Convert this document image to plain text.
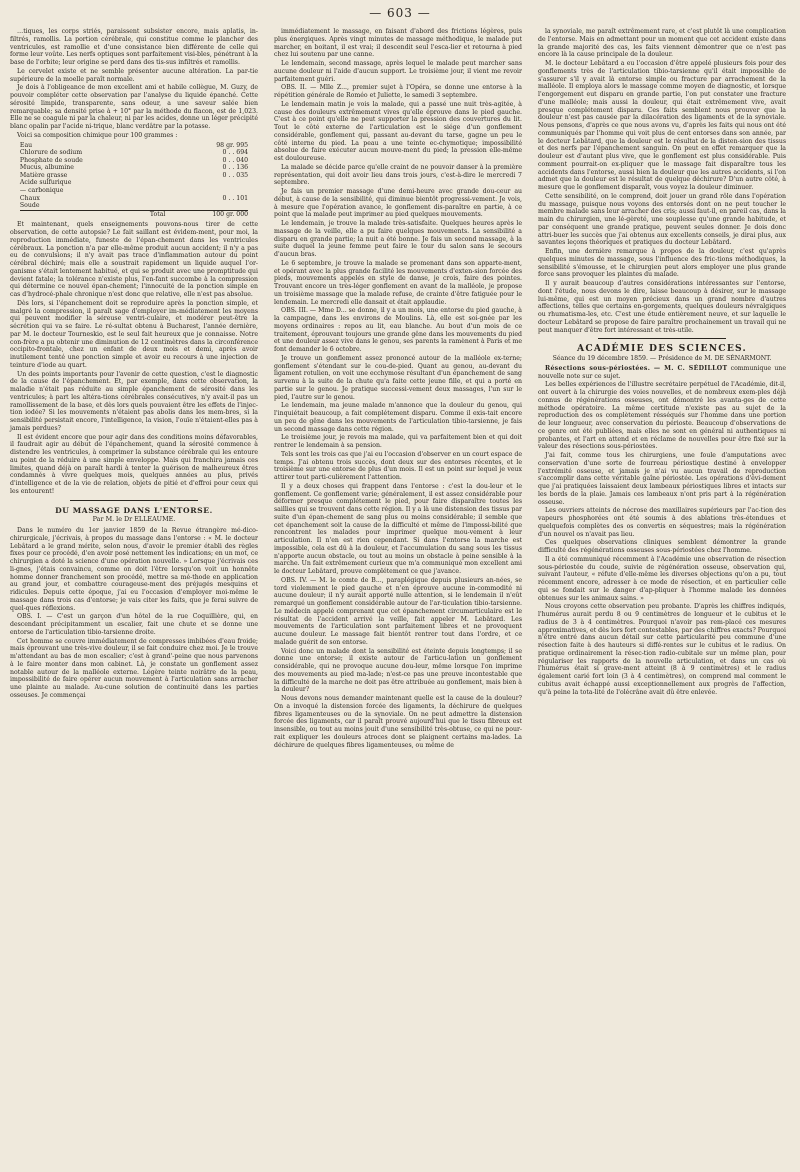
— 603 —

…tiques, les corps striés, paraissent subsister encore, mais aplatis, in-filtrés, ramollis. La portion cérébrale, qui constitue comme le plancher des ventricules, est ramollie et d'une consistance bien différente de celle qui forme leur voûte. Les nerfs optiques sont parfaitement visi-bles, pénétrant à la base de l'orbite; leur origine se perd dans des tis-sus infiltrés et ramollis.

Le cervelet existe et ne semble présenter aucune altération. La par-tie supérieure de la moelle paraît normale.

Je dois à l'obligeance de mon excellent ami et habile collègue, M. Guzy, de pouvoir compléter cette observation par l'analyse du liquide épanché. Cette sérosité limpide, transparente, sans odeur, a une saveur salée bien remarquable; sa densité prise à + 10° par la méthode du flacon, est de 1,023. Elle ne se coagule ni par la chaleur, ni par les acides, donne un léger précipité blanc opalin par l'acide ni-trique, blanc verdâtre par la potasse.

Voici sa composition chimique pour 100 grammes :

Eau	98 gr. 995
Chlorure de sodium	0 . . 694
Phosphate de soude	0 . . 040
Mucus, albumine	0 . . 136
Matière grasse	0 . . 035
Acide sulfurique	
— carbonique	
Chaux	0 . . 101
Soude	
Total	100 gr. 000

Et maintenant, quels enseignements pouvons-nous tirer de cette observation, de cette autopsie? Le fait saillant est évidem-ment, pour moi, la reproduction immédiate, funeste de l'épan-chement dans les ventricules cérébraux. La ponction n'a par elle-même produit aucun accident; il n'y a pas eu de convulsions; il n'y avait pas trace d'inflammation autour du point cérébral déchiré; mais elle a soustrait rapidement un liquide auquel l'or-ganisme s'était lentement habitué, et qui se produit avec une promptitude qui devient fatale; la tolérance n'existe plus, l'en-fant succombe à la compression qui détermine ce nouvel épan-chement; l'innocuité de la ponction simple en cas d'hydrocé-phale chronique n'est donc que relative, elle n'est pas absolue.

Dès lors, si l'épanchement doit se reproduire après la ponction simple, et malgré la compression, il paraît sage d'employer im-médiatement les moyens qui peuvent modifier la séreuse ventri-culaire, et modérer peut-être la sécrétion qui va se faire. Le ré-sultat obtenu à Bucharest, l'année dernière, par M. le docteur Tourneskio, est le seul fait heureux que je connaisse. Notre con-frère a pu obtenir une diminution de 12 centimètres dans la circonférence occipito-frontale, chez un enfant de deux mois et demi, après avoir inutilement tenté une ponction simple et avoir eu recours à une injection de teinture d'iode au quart.

Un des points importants pour l'avenir de cette question, c'est le diagnostic de la cause de l'épanchement. Et, par exemple, dans cette observation, la maladie n'était pas réduite au simple épanchement de sérosité dans les ventricules; à part les altéra-tions cérébrales consécutives, n'y avait-il pas un ramollissement de la base, et dès lors quels pouvaient être les effets de l'injec-tion iodée? Si les mouvements n'étaient pas abolis dans les mem-bres, si la sensibilité persistait encore, l'intelligence, la vision, l'ouïe n'étaient-elles pas à jamais perdues?

Il est évident encore que pour agir dans des conditions moins défavorables, il faudrait agir au début de l'épanchement, quand la sérosité commence à distendre les ventricules, à comprimer la substance cérébrale qui les entoure au point de la réduire à une simple enveloppe. Mais qui franchira jamais ces limites, quand déjà on paraît hardi à tenter la guérison de malheureux êtres condamnés à vivre quelques mois, quelques années au plus, privés d'intelligence et de la vie de relation, objets de pitié et d'effroi pour ceux qui les entourent!

DU MASSAGE DANS L'ENTORSE.
Par M. le Dr ELLEAUME.

Dans le numéro du 1er janvier 1859 de la Revue étrangère mé-dico-chirurgicale, j'écrivais, à propos du massage dans l'entorse : « M. le docteur Lebâtard a le grand mérite, selon nous, d'avoir le premier établi des règles fixes pour ce procédé, d'en avoir posé nettement les indications; en un mot, ce chirurgien a doté la science d'une opération nouvelle. » Lorsque j'écrivais ces li-gnes, j'étais convaincu, comme on doit l'être lorsqu'on voit un honnête homme donner franchement son procédé, mettre sa mé-thode en application au grand jour, et combattre courageuse-ment des préjugés mesquins et ridicules. Depuis cette époque, j'ai eu l'occasion d'employer moi-même le massage dans trois cas d'entorse; je vais citer les faits, que je ferai suivre de quel-ques réflexions.

OBS. I. — C'est un garçon d'un hôtel de la rue Coquillière, qui, en descendant précipitamment un escalier, fait une chute et se donne une entorse de l'articulation tibio-tarsienne droite.

Cet homme se couvre immédiatement de compresses imbibées d'eau froide; mais éprouvant une très-vive douleur, il se fait conduire chez moi. Je le trouve m'attendant au bas de mon escalier; c'est à grand'-peine que nous parvenons à le faire monter dans mon cabinet. Là, je constate un gonflement assez notable autour de la malléole externe. Légère teinte noirâtre de la peau, impossibilité de faire opérer aucun mouvement à l'articulation sans arracher une plainte au malade. Au-cune solution de continuité dans les parties osseuses. Je commençai

immédiatement le massage, en faisant d'abord des frictions légères, puis plus énergiques. Après vingt minutes de massage méthodique, le malade put marcher, en boitant, il est vrai; il descendit seul l'esca-lier et retourna à pied chez lui soutenu par une canne.

Le lendemain, second massage, après lequel le malade peut marcher sans aucune douleur ni l'aide d'aucun support. Le troisième jour, il vient me revoir parfaitement guéri.

OBS. II. — Mlle Z..., premier sujet à l'Opéra, se donne une entorse à la répétition générale de Roméo et Juliette, le samedi 3 septembre.

Le lendemain matin je vois la malade, qui a passé une nuit très-agitée, à cause des douleurs extrêmement vives qu'elle éprouve dans le pied gauche. C'est à ce point qu'elle ne peut supporter la pression des couvertures du lit. Tout le côté externe de l'articulation est le siége d'un gonflement considérable, gonflement qui, passant au-devant du tarse, gagne un peu le côté interne du pied. La peau a une teinte ec-chymotique; impossibilité absolue de faire exécuter aucun mouve-ment du pied; la pression elle-même est douloureuse.

La malade se décide parce qu'elle craint de ne pouvoir danser à la première représentation, qui doit avoir lieu dans trois jours, c'est-à-dire le mercredi 7 septembre.

Je fais un premier massage d'une demi-heure avec grande dou-ceur au début, à cause de la sensibilité, qui diminue bientôt progressi-vement. Je vois, à mesure que l'opération avance, le gonflement dis-paraître en partie, à ce point que la malade peut imprimer au pied quelques mouvements.

Le lendemain, je trouve la malade très-satisfaite. Quelques heures après le massage de la veille, elle a pu faire quelques mouvements. La sensibilité a disparu en grande partie; la nuit a été bonne. Je fais un second massage, à la suite duquel la jeune femme peut faire le tour du salon sans le secours d'aucun bras.

Le 6 septembre, je trouve la malade se promenant dans son apparte-ment, et opérant avec la plus grande facilité les mouvements d'exten-sion forcée des pieds, mouvements appelés en style de danse, je crois, faire des pointes. Trouvant encore un très-léger gonflement en avant de la malléole, je propose un troisième massage que la malade refuse, de crainte d'être fatiguée pour le lendemain. Le mercredi elle dansait et était applaudie.

OBS. III. — Mme D... se donne, il y a un mois, une entorse du pied gauche, à la campagne, dans les environs de Moulins. Là, elle est soi-gnée par les moyens ordinaires : repos au lit, eau blanche. Au bout d'un mois de ce traitement, éprouvant toujours une grande gêne dans les mouvements du pied et une douleur assez vive dans le genou, ses parents la ramènent à Paris et me font demander le 6 octobre.

Je trouve un gonflement assez prononcé autour de la malléole ex-terne; gonflement s'étendant sur le cou-de-pied. Quant au genou, au-devant du ligament rotulien, on voit une ecchymose résultant d'un épanchement de sang survenu à la suite de la chute qu'a faite cette jeune fille, et qui a porté en partie sur le genou. Je pratique successi-vement deux massages, l'un sur le pied, l'autre sur le genou.

Le lendemain, ma jeune malade m'annonce que la douleur du genou, qui l'inquiétait beaucoup, a fait complétement disparu. Comme il exis-tait encore un peu de gêne dans les mouvements de l'articulation tibio-tarsienne, je fais un second massage dans cette région.

Le troisième jour, je revois ma malade, qui va parfaitement bien et qui doit rentrer le lendemain à sa pension.

Tels sont les trois cas que j'ai eu l'occasion d'observer en un court espace de temps. J'ai obtenu trois succès, dont deux sur des entorses récentes, et le troisième sur une entorse de plus d'un mois. Il est un point sur lequel je veux attirer tout parti-culièrement l'attention.

Il y a deux choses qui frappent dans l'entorse : c'est la dou-leur et le gonflement. Ce gonflement varie; généralement, il est assez considérable pour déformer presque complétement le pied, pour faire disparaître toutes les saillies qui se trouvent dans cette région. Il y a là une distension des tissus par suite d'un épan-chement de sang plus ou moins considérable; il semble que cet épanchement soit la cause de la difficulté et même de l'impossi-bilité que rencontrent les malades pour imprimer quelque mou-vement à leur articulation. Il n'en est rien cependant. Si dans l'entorse la marche est impossible, cela est dû à la douleur, et l'accumulation du sang sous les tissus n'apporte aucun obstacle, ou tout au moins un obstacle à peine sensible à la marche. Un fait extrêmement curieux que m'a communiqué mon excellent ami le docteur Lebâtard, prouve complétement ce que j'avance.

OBS. IV. — M. le comte de B..., paraplégique depuis plusieurs an-nées, se tord violemment le pied gauche et n'en éprouve aucune in-commodité ni aucune douleur; il n'y aurait apporté nulle attention, si le lendemain il n'eût remarqué un gonflement considérable autour de l'ar-ticulation tibio-tarsienne. Le médecin appelé comprenant que cet épanchement circumarticulaire est le résultat de l'accident arrivé la veille, fait appeler M. Lebâtard. Les mouvements de l'articulation sont parfaitement libres et ne provoquent aucune douleur. Le massage fait bientôt rentrer tout dans l'ordre, et ce malade guérit de son entorse.

Voici donc un malade dont la sensibilité est éteinte depuis longtemps; il se donne une entorse; il existe autour de l'articu-lation un gonflement considérable, qui ne provoque aucune dou-leur, même lorsque l'on imprime des mouvements au pied ma-lade; n'est-ce pas une preuve incontestable que la difficulté de la marche ne doit pas être attribuée au gonflement, mais bien à la douleur?

Nous devons nous demander maintenant quelle est la cause de la douleur? On a invoqué la distension forcée des ligaments, la déchirure de quelques fibres ligamenteuses ou de la synoviale. On ne peut admettre la distension forcée des ligaments, car il paraît prouvé aujourd'hui que le tissu fibreux est insensible, ou tout au moins jouit d'une sensibilité très-obtuse, ce qui ne pour-rait expliquer les douleurs atroces dont se plaignent certains ma-lades. La déchirure de quelques fibres ligamenteuses, ou même de

la synoviale, me paraît extrêmement rare, et c'est plutôt là une complication de l'entorse. Mais en admettant pour un moment que cet accident existe dans la grande majorité des cas, les faits viennent démontrer que ce n'est pas encore là la cause principale de la douleur.

M. le docteur Lebâtard a eu l'occasion d'être appelé plusieurs fois pour des gonflements très de l'articulation tibio-tarsienne qu'il était impossible de s'assurer s'il y avait là entorse simple ou fracture par arrachement de la malléole. Il employa alors le massage comme moyen de diagnostic, et lorsque l'engorgement eut disparu en grande partie, l'on put constater une fracture d'une malléole; mais aussi la douleur, qui était extrêmement vive, avait presque complétement disparu. Ces faits semblent nous prouver que la douleur n'est pas causée par la dilacération des ligaments et de la synoviale. Nous pensons, d'après ce que nous avons vu, d'après les faits qui nous ont été communiqués par l'homme qui voit plus de cent entorses dans son année, par le docteur Lebâtard, que la douleur est le résultat de la disten-sion des tissus et des nerfs par l'épanchement sanguin. On peut en effet remarquer que la douleur est d'autant plus vive, que le gonflement est plus considérable. Puis comment pourrait-on ex-pliquer que le massage fait disparaître tous les accidents dans l'entorse, aussi bien la douleur que les autres accidents, si l'on admet que la douleur est le résultat de quelque déchirure? D'un autre côté, à mesure que le gonflement disparaît, vous voyez la douleur diminuer.

Cette sensibilité, on le comprend, doit jouer un grand rôle dans l'opération du massage, puisque nous voyons des entorsés dont on ne peut toucher le membre malade sans leur arracher des cris; aussi faut-il, en pareil cas, dans la main du chirurgien, une lé-gèreté, une souplesse qu'une grande habitude, et par conséquent une grande pratique, peuvent seules donner. Je dois donc attri-buer les succès que j'ai obtenus aux excellents conseils, je dirai plus, aux savantes leçons théoriques et pratiques du docteur Lebâtard.

Enfin, une dernière remarque à propos de la douleur, c'est qu'après quelques minutes de massage, sous l'influence des fric-tions méthodiques, la sensibilité s'émousse, et le chirurgien peut alors employer une plus grande force sans provoquer les plaintes du malade.

Il y aurait beaucoup d'autres considérations intéressantes sur l'entorse, dont l'étude, nous devons le dire, laisse beaucoup à désirer, sur le massage lui-même, qui est un moyen précieux dans un grand nombre d'autres affections, telles que certains en-gorgements, quelques douleurs névralgiques ou rhumatisma-les, etc. C'est une étude entièrement neuve, et sur laquelle le docteur Lebâtard se propose de faire paraître prochainement un travail qui ne peut manquer d'être fort intéressant et très-utile.

ACADÉMIE DES SCIENCES.
Séance du 19 décembre 1859. — Présidence de M. DE SÉNARMONT.

Résections sous-périostées. — M. C. SÉDILLOT communique une nouvelle note sur ce sujet.

Les belles expériences de l'illustre secrétaire perpétuel de l'Académie, dit-il, ont ouvert à la chirurgie des voies nouvelles, et de nombreux exem-ples déjà connus de régénérations osseuses, ont démontré les avanta-ges de cette méthode opératoire. La même certitude n'existe pas au sujet de la reproduction des os complètement résséqués sur l'homme dans une portion de leur longueur, avec conservation du périoste. Beaucoup d'observations de ce genre ont été publiées, mais elles ne sont en général ni authentiques ni probantes, et l'art en attend et en réclame de nouvelles pour être fixé sur la valeur des résections sous-périostées.

J'ai fait, comme tous les chirurgiens, une foule d'amputations avec conservation d'une sorte de fourreau périostique destiné à envelopper l'extrémité osseuse, et jamais je n'ai vu aucun travail de reproduction s'accomplir dans cette véritable gaîne périostée. Les opérations d'évi-dement que j'ai pratiquées laissaient deux lambeaux périostiques libres et intacts sur les bords de la plaie. Jamais ces lambeaux n'ont pris part à la régénération osseuse.

Les ouvriers atteints de nécrose des maxillaires supérieurs par l'ac-tion des vapeurs phosphorées ont été soumis à des ablations très-étendues et quelquefois complètes des os convertis en séquestres; mais la régénération d'un nouvel os n'avait pas lieu.

Ces quelques observations cliniques semblent démontrer la grande difficulté des régénérations osseuses sous-périostées chez l'homme.

Il a été communiqué récemment à l'Académie une observation de résection sous-périostée du coude, suivie de régénération osseuse, observation qui, suivant l'auteur, « réfute d'elle-même les diverses objections qu'on a pu, tout récemment encore, adresser à ce mode de résection, et en particulier celle qui se fondait sur le danger d'ap-pliquer à l'homme malade les données obtenues sur les animaux sains. »

Nous croyons cette observation peu probante. D'après les chiffres indiqués, l'humérus aurait perdu 8 ou 9 centimètres de longueur et le cubitus et le radius de 3 à 4 centimètres. Pourquoi n'avoir pas rem-placé ces mesures approximatives, et dès lors fort contestables, par des chiffres exacts? Pourquoi n'être entré dans aucun détail sur cette particularité peu commune d'une résection faite à des hauteurs si diffé-rentes sur le cubitus et le radius. On pratique ordinairement la résec-tion radio-cubitale sur un même plan, pour régulariser les rapports de la nouvelle articulation, et dans un cas où l'humérus était si grave-ment atteint (8 à 9 centimètres) et le radius également carié fort loin (3 à 4 centimètres), on comprend mal comment le cubitus avait échappé aussi exceptionnellement aux progrès de l'affection, qu'à peine la tota-lité de l'olécrâne avait dû être enlevée.
